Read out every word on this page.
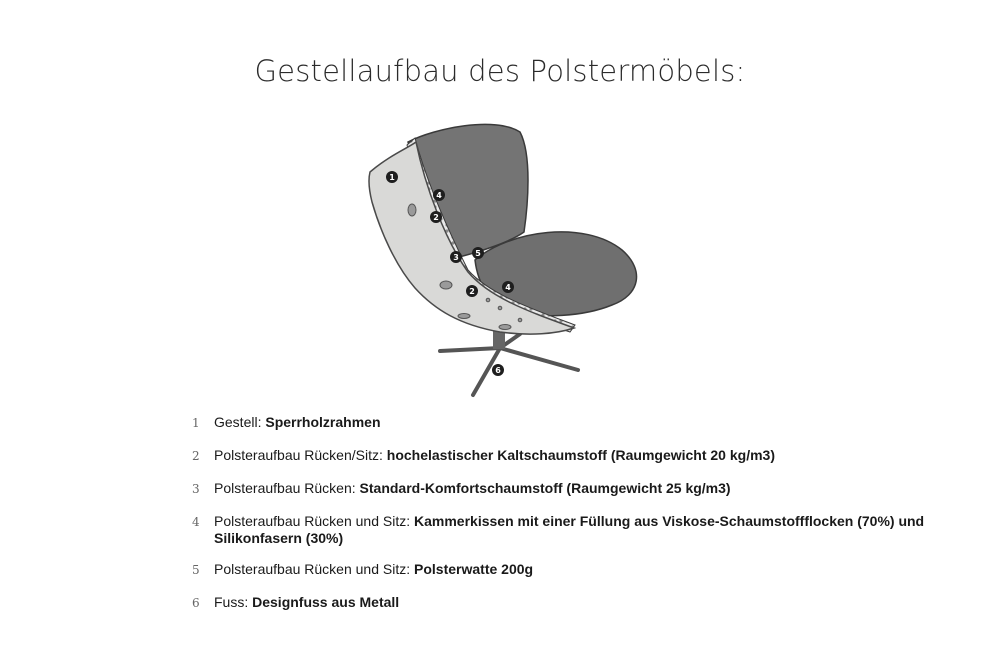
Gestellaufbau des Polstermöbels:
1
4
2
5
3
4
2
6
1	Gestell: Sperrholzrahmen
2	Polsteraufbau Rücken/Sitz: hochelastischer Kaltschaumstoff (Raumgewicht 20 kg/m3)
3	Polsteraufbau Rücken: Standard-Komfortschaumstoff (Raumgewicht 25 kg/m3)
4	Polsteraufbau Rücken und Sitz: Kammerkissen mit einer Füllung aus Viskose-Schaumstoffflocken (70%) und Silikonfasern (30%)
5	Polsteraufbau Rücken und Sitz: Polsterwatte 200g
6	Fuss: Designfuss aus Metall
